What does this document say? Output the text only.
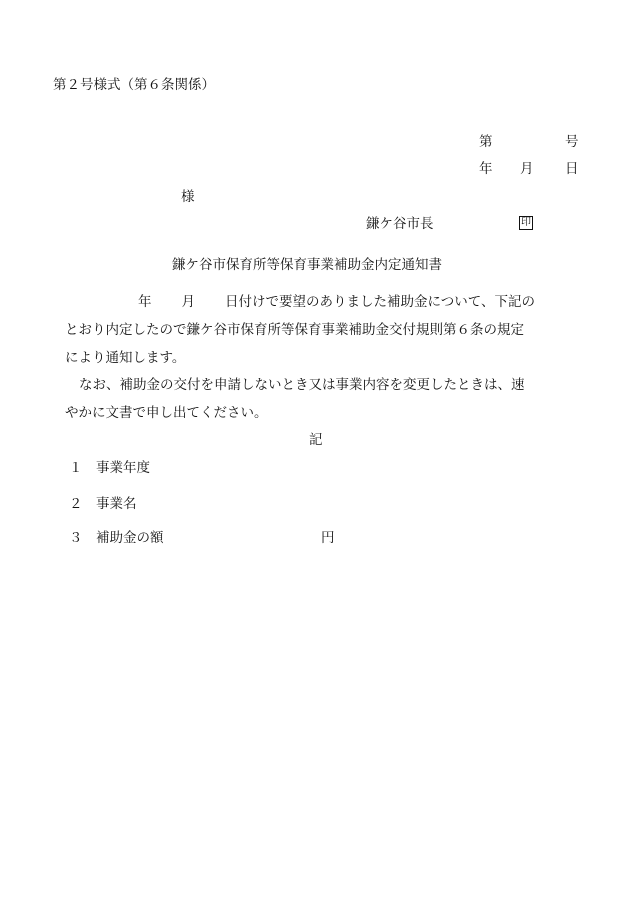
第２号様式（第６条関係）
第	号
年 月 日
様
鎌ケ谷市長	印
鎌ケ谷市保育所等保育事業補助金内定通知書
年 月 日付けで要望のありました補助金について、下記の
とおり内定したので鎌ケ谷市保育所等保育事業補助金交付規則第６条の規定
により通知します。
なお、補助金の交付を申請しないとき又は事業内容を変更したときは、速
やかに文書で申し出てください。
記
１ 事業年度
２ 事業名
３ 補助金の額	円
